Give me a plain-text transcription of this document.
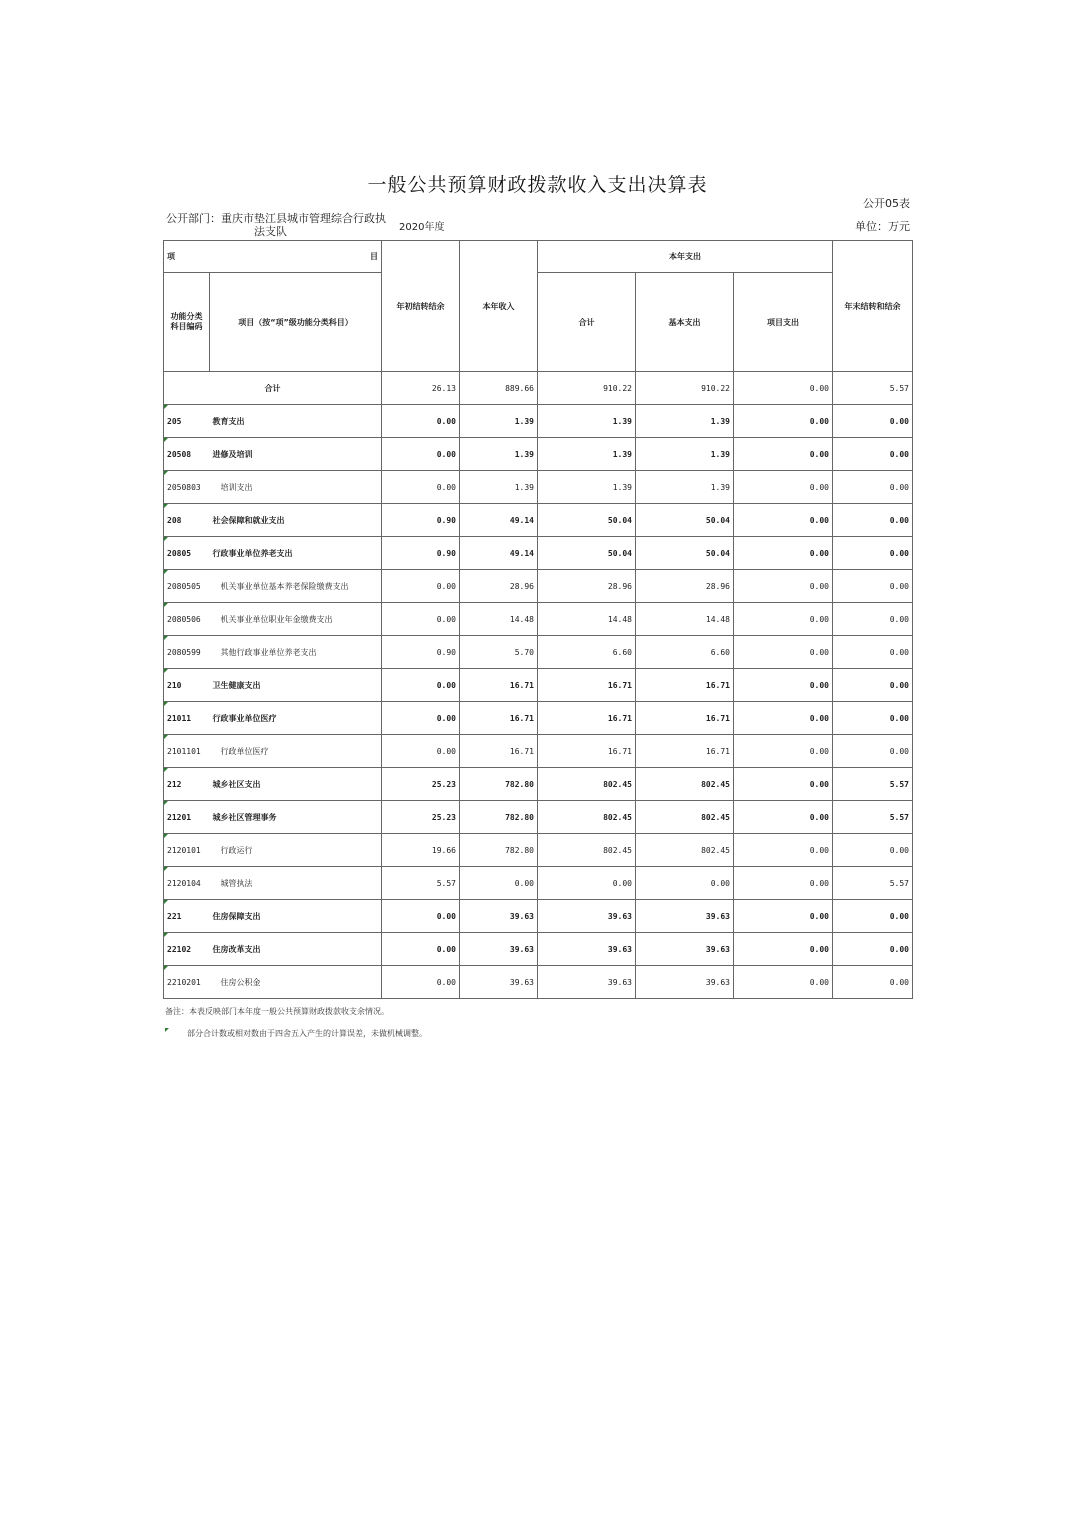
一般公共预算财政拨款收入支出决算表
公开05表
公开部门：重庆市垫江县城市管理综合行政执
法支队	2020年度	单位：万元
项	目	年初结转结余	本年收入	本年支出			年末结转和结余
功能分类科目编码	项目（按“项”级功能分类科目）			合计	基本支出	项目支出	
合计		26.13	889.66	910.22	910.22	0.00	5.57
205	教育支出	0.00	1.39	1.39	1.39	0.00	0.00
20508	进修及培训	0.00	1.39	1.39	1.39	0.00	0.00
2050803	培训支出	0.00	1.39	1.39	1.39	0.00	0.00
208	社会保障和就业支出	0.90	49.14	50.04	50.04	0.00	0.00
20805	行政事业单位养老支出	0.90	49.14	50.04	50.04	0.00	0.00
2080505	机关事业单位基本养老保险缴费支出	0.00	28.96	28.96	28.96	0.00	0.00
2080506	机关事业单位职业年金缴费支出	0.00	14.48	14.48	14.48	0.00	0.00
2080599	其他行政事业单位养老支出	0.90	5.70	6.60	6.60	0.00	0.00
210	卫生健康支出	0.00	16.71	16.71	16.71	0.00	0.00
21011	行政事业单位医疗	0.00	16.71	16.71	16.71	0.00	0.00
2101101	行政单位医疗	0.00	16.71	16.71	16.71	0.00	0.00
212	城乡社区支出	25.23	782.80	802.45	802.45	0.00	5.57
21201	城乡社区管理事务	25.23	782.80	802.45	802.45	0.00	5.57
2120101	行政运行	19.66	782.80	802.45	802.45	0.00	0.00
2120104	城管执法	5.57	0.00	0.00	0.00	0.00	5.57
221	住房保障支出	0.00	39.63	39.63	39.63	0.00	0.00
22102	住房改革支出	0.00	39.63	39.63	39.63	0.00	0.00
2210201	住房公积金	0.00	39.63	39.63	39.63	0.00	0.00
备注：本表反映部门本年度一般公共预算财政拨款收支余情况。
部分合计数或相对数由于四舍五入产生的计算误差，未做机械调整。
